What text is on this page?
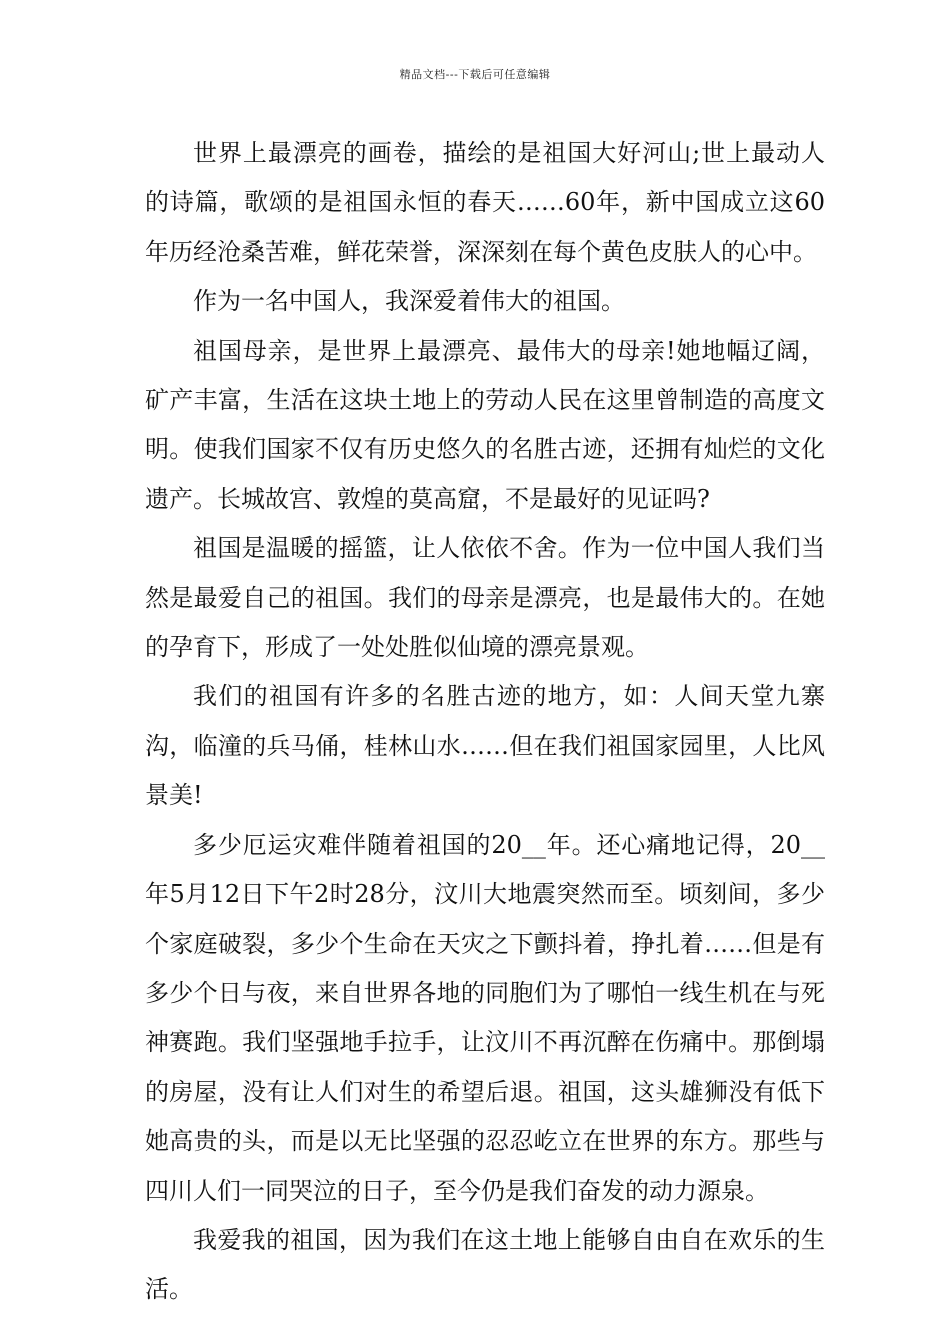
精品文档---下载后可任意编辑

世界上最漂亮的画卷，描绘的是祖国大好河山;世上最动人的诗篇，歌颂的是祖国永恒的春天……60年，新中国成立这60年历经沧桑苦难，鲜花荣誉，深深刻在每个黄色皮肤人的心中。

作为一名中国人，我深爱着伟大的祖国。

祖国母亲，是世界上最漂亮、最伟大的母亲!她地幅辽阔，矿产丰富，生活在这块土地上的劳动人民在这里曾制造的高度文明。使我们国家不仅有历史悠久的名胜古迹，还拥有灿烂的文化遗产。长城故宫、敦煌的莫高窟，不是最好的见证吗?

祖国是温暖的摇篮，让人依依不舍。作为一位中国人我们当然是最爱自己的祖国。我们的母亲是漂亮，也是最伟大的。在她的孕育下，形成了一处处胜似仙境的漂亮景观。

我们的祖国有许多的名胜古迹的地方，如：人间天堂九寨沟，临潼的兵马俑，桂林山水……但在我们祖国家园里，人比风景美!

多少厄运灾难伴随着祖国的20__年。还心痛地记得，20__年5月12日下午2时28分，汶川大地震突然而至。顷刻间，多少个家庭破裂，多少个生命在天灾之下颤抖着，挣扎着……但是有多少个日与夜，来自世界各地的同胞们为了哪怕一线生机在与死神赛跑。我们坚强地手拉手，让汶川不再沉醉在伤痛中。那倒塌的房屋，没有让人们对生的希望后退。祖国，这头雄狮没有低下她高贵的头，而是以无比坚强的忍忍屹立在世界的东方。那些与四川人们一同哭泣的日子，至今仍是我们奋发的动力源泉。

我爱我的祖国，因为我们在这土地上能够自由自在欢乐的生活。
